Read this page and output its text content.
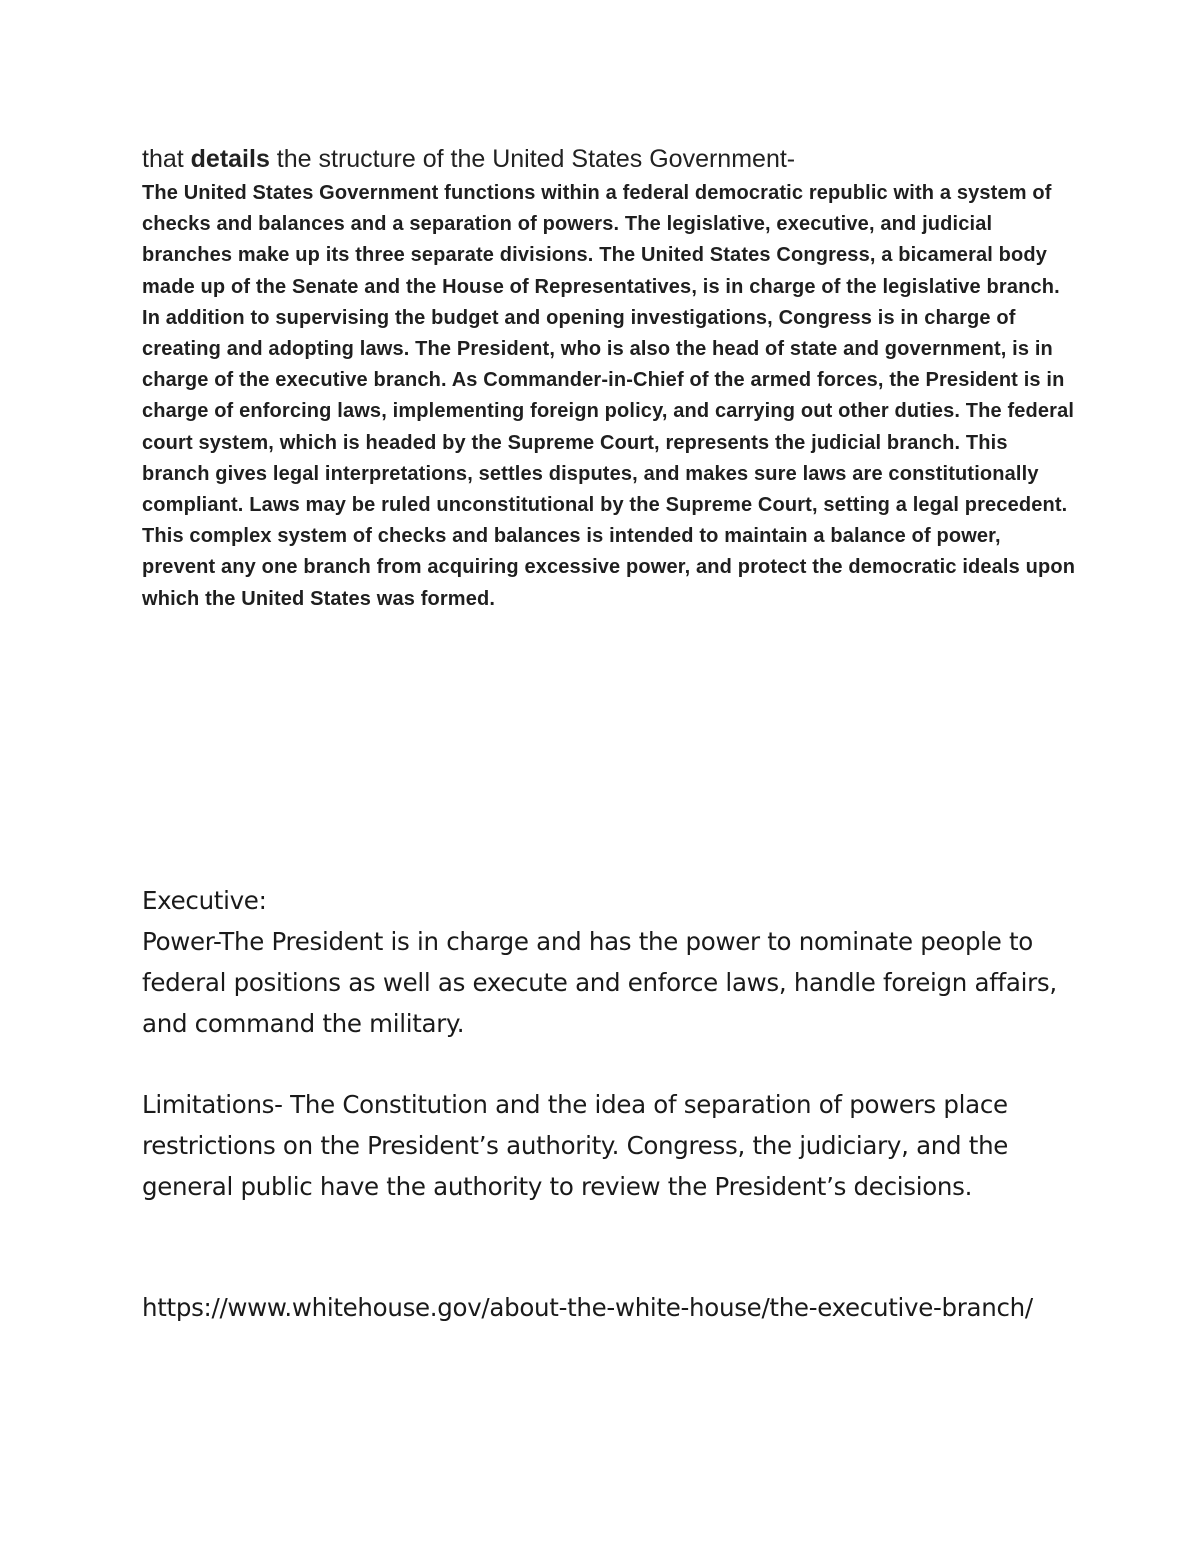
that details the structure of the United States Government-

The United States Government functions within a federal democratic republic with a system of checks and balances and a separation of powers. The legislative, executive, and judicial branches make up its three separate divisions. The United States Congress, a bicameral body made up of the Senate and the House of Representatives, is in charge of the legislative branch. In addition to supervising the budget and opening investigations, Congress is in charge of creating and adopting laws. The President, who is also the head of state and government, is in charge of the executive branch. As Commander-in-Chief of the armed forces, the President is in charge of enforcing laws, implementing foreign policy, and carrying out other duties. The federal court system, which is headed by the Supreme Court, represents the judicial branch. This branch gives legal interpretations, settles disputes, and makes sure laws are constitutionally compliant. Laws may be ruled unconstitutional by the Supreme Court, setting a legal precedent. This complex system of checks and balances is intended to maintain a balance of power, prevent any one branch from acquiring excessive power, and protect the democratic ideals upon which the United States was formed.

Executive:

Power-The President is in charge and has the power to nominate people to federal positions as well as execute and enforce laws, handle foreign affairs, and command the military.

Limitations- The Constitution and the idea of separation of powers place restrictions on the President’s authority. Congress, the judiciary, and the general public have the authority to review the President’s decisions.

https://www.whitehouse.gov/about-the-white-house/the-executive-branch/
